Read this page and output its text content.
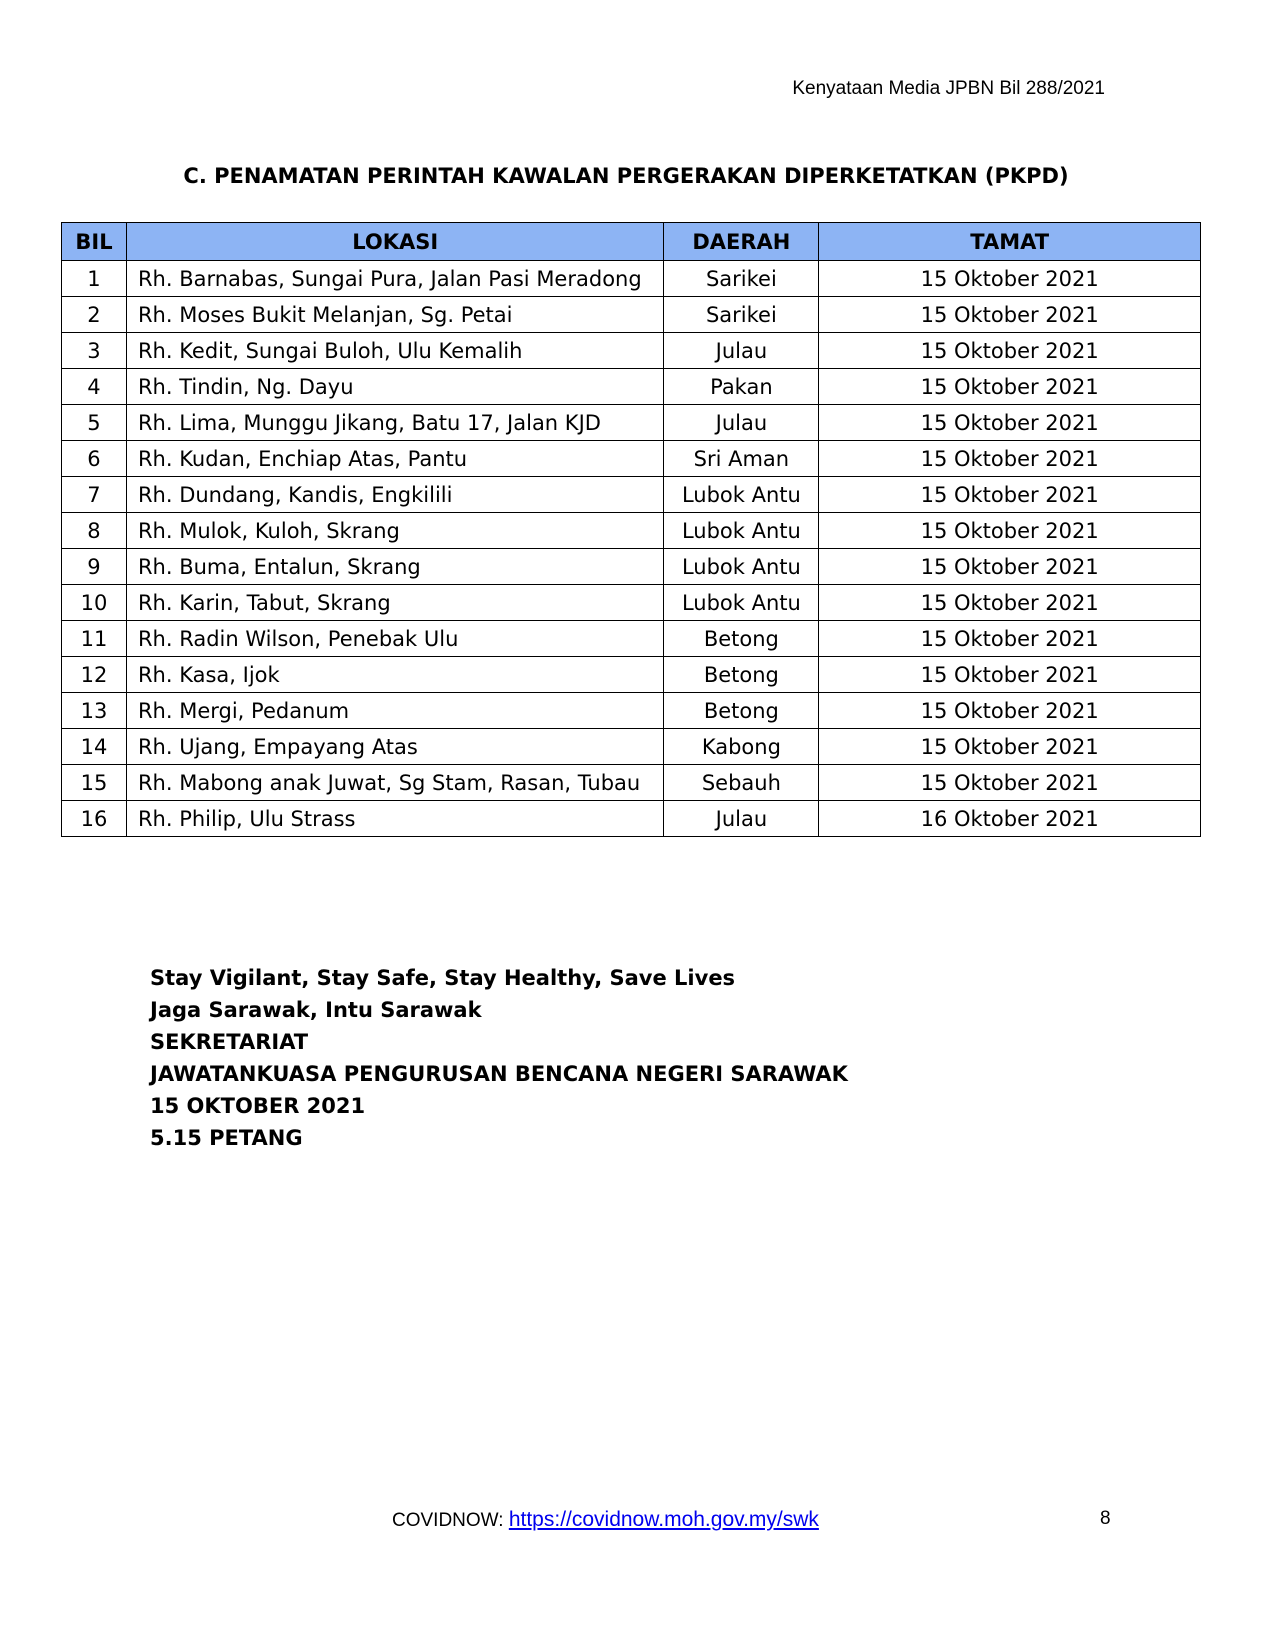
Kenyataan Media JPBN Bil 288/2021
C. PENAMATAN PERINTAH KAWALAN PERGERAKAN DIPERKETATKAN (PKPD)
BIL	LOKASI	DAERAH	TAMAT
1	Rh. Barnabas, Sungai Pura, Jalan Pasi Meradong	Sarikei	15 Oktober 2021
2	Rh. Moses Bukit Melanjan, Sg. Petai	Sarikei	15 Oktober 2021
3	Rh. Kedit, Sungai Buloh, Ulu Kemalih	Julau	15 Oktober 2021
4	Rh. Tindin, Ng. Dayu	Pakan	15 Oktober 2021
5	Rh. Lima, Munggu Jikang, Batu 17, Jalan KJD	Julau	15 Oktober 2021
6	Rh. Kudan, Enchiap Atas, Pantu	Sri Aman	15 Oktober 2021
7	Rh. Dundang, Kandis, Engkilili	Lubok Antu	15 Oktober 2021
8	Rh. Mulok, Kuloh, Skrang	Lubok Antu	15 Oktober 2021
9	Rh. Buma, Entalun, Skrang	Lubok Antu	15 Oktober 2021
10	Rh. Karin, Tabut, Skrang	Lubok Antu	15 Oktober 2021
11	Rh. Radin Wilson, Penebak Ulu	Betong	15 Oktober 2021
12	Rh. Kasa, Ijok	Betong	15 Oktober 2021
13	Rh. Mergi, Pedanum	Betong	15 Oktober 2021
14	Rh. Ujang, Empayang Atas	Kabong	15 Oktober 2021
15	Rh. Mabong anak Juwat, Sg Stam, Rasan, Tubau	Sebauh	15 Oktober 2021
16	Rh. Philip, Ulu Strass	Julau	16 Oktober 2021
Stay Vigilant, Stay Safe, Stay Healthy, Save Lives
Jaga Sarawak, Intu Sarawak
SEKRETARIAT
JAWATANKUASA PENGURUSAN BENCANA NEGERI SARAWAK
15 OKTOBER 2021
5.15 PETANG
COVIDNOW: https://covidnow.moh.gov.my/swk	8
